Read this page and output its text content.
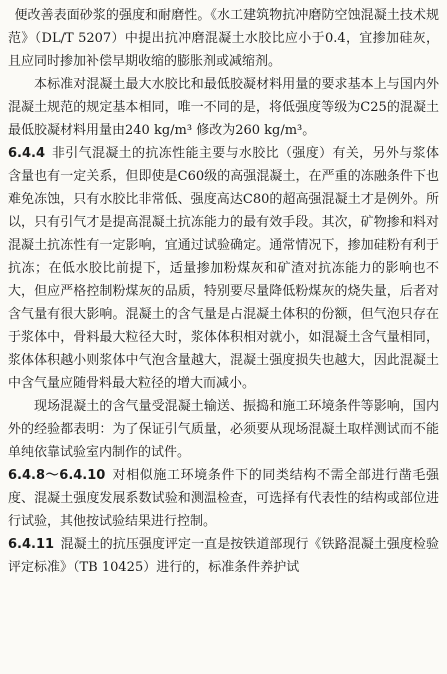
便改善表面砂浆的强度和耐磨性。《水工建筑物抗冲磨防空蚀混凝土技术规范》（DL/T 5207）中提出抗冲磨混凝土水胶比应小于0.4，宜掺加硅灰，且应同时掺加补偿早期收缩的膨胀剂或减缩剂。

本标准对混凝土最大水胶比和最低胶凝材料用量的要求基本上与国内外混凝土规范的规定基本相同，唯一不同的是，将低强度等级为C25的混凝土最低胶凝材料用量由240 kg/m³ 修改为260 kg/m³。

6.4.4 非引气混凝土的抗冻性能主要与水胶比（强度）有关，另外与浆体含量也有一定关系，但即使是C60级的高强混凝土，在严重的冻融条件下也难免冻蚀，只有水胶比非常低、强度高达C80的超高强混凝土才是例外。所以，只有引气才是提高混凝土抗冻能力的最有效手段。其次，矿物掺和料对混凝土抗冻性有一定影响，宜通过试验确定。通常情况下，掺加硅粉有利于抗冻；在低水胶比前提下，适量掺加粉煤灰和矿渣对抗冻能力的影响也不大，但应严格控制粉煤灰的品质，特别要尽量降低粉煤灰的烧失量，后者对含气量有很大影响。混凝土的含气量是占混凝土体积的份额，但气泡只存在于浆体中，骨料最大粒径大时，浆体体积相对就小，如混凝土含气量相同，浆体体积越小则浆体中气泡含量越大，混凝土强度损失也越大，因此混凝土中含气量应随骨料最大粒径的增大而减小。

现场混凝土的含气量受混凝土输送、振捣和施工环境条件等影响，国内外的经验都表明：为了保证引气质量，必须要从现场混凝土取样测试而不能单纯依靠试验室内制作的试件。

6.4.8～6.4.10 对相似施工环境条件下的同类结构不需全部进行凿毛强度、混凝土强度发展系数试验和测温检查，可选择有代表性的结构或部位进行试验，其他按试验结果进行控制。

6.4.11 混凝土的抗压强度评定一直是按铁道部现行《铁路混凝土强度检验评定标准》（TB 10425）进行的，标准条件养护试
